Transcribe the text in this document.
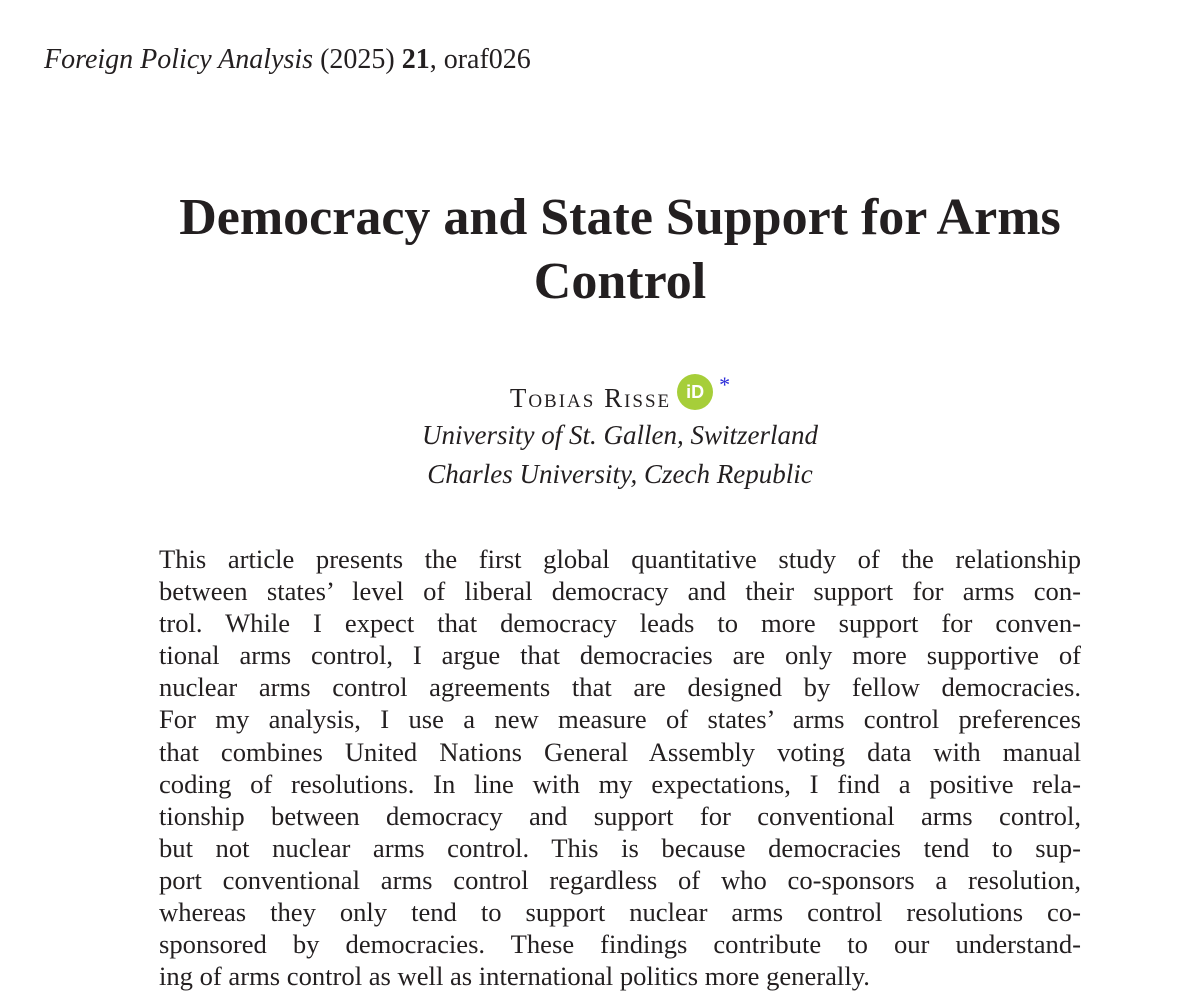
Foreign Policy Analysis (2025) 21, oraf026
Democracy and State Support for Arms
Control
Tobias Risse iD *
University of St. Gallen, Switzerland
Charles University, Czech Republic

This article presents the first global quantitative study of the relationship
between states’ level of liberal democracy and their support for arms con-
trol. While I expect that democracy leads to more support for conven-
tional arms control, I argue that democracies are only more supportive of
nuclear arms control agreements that are designed by fellow democracies.
For my analysis, I use a new measure of states’ arms control preferences
that combines United Nations General Assembly voting data with manual
coding of resolutions. In line with my expectations, I find a positive rela-
tionship between democracy and support for conventional arms control,
but not nuclear arms control. This is because democracies tend to sup-
port conventional arms control regardless of who co-sponsors a resolution,
whereas they only tend to support nuclear arms control resolutions co-
sponsored by democracies. These findings contribute to our understand-
ing of arms control as well as international politics more generally.
